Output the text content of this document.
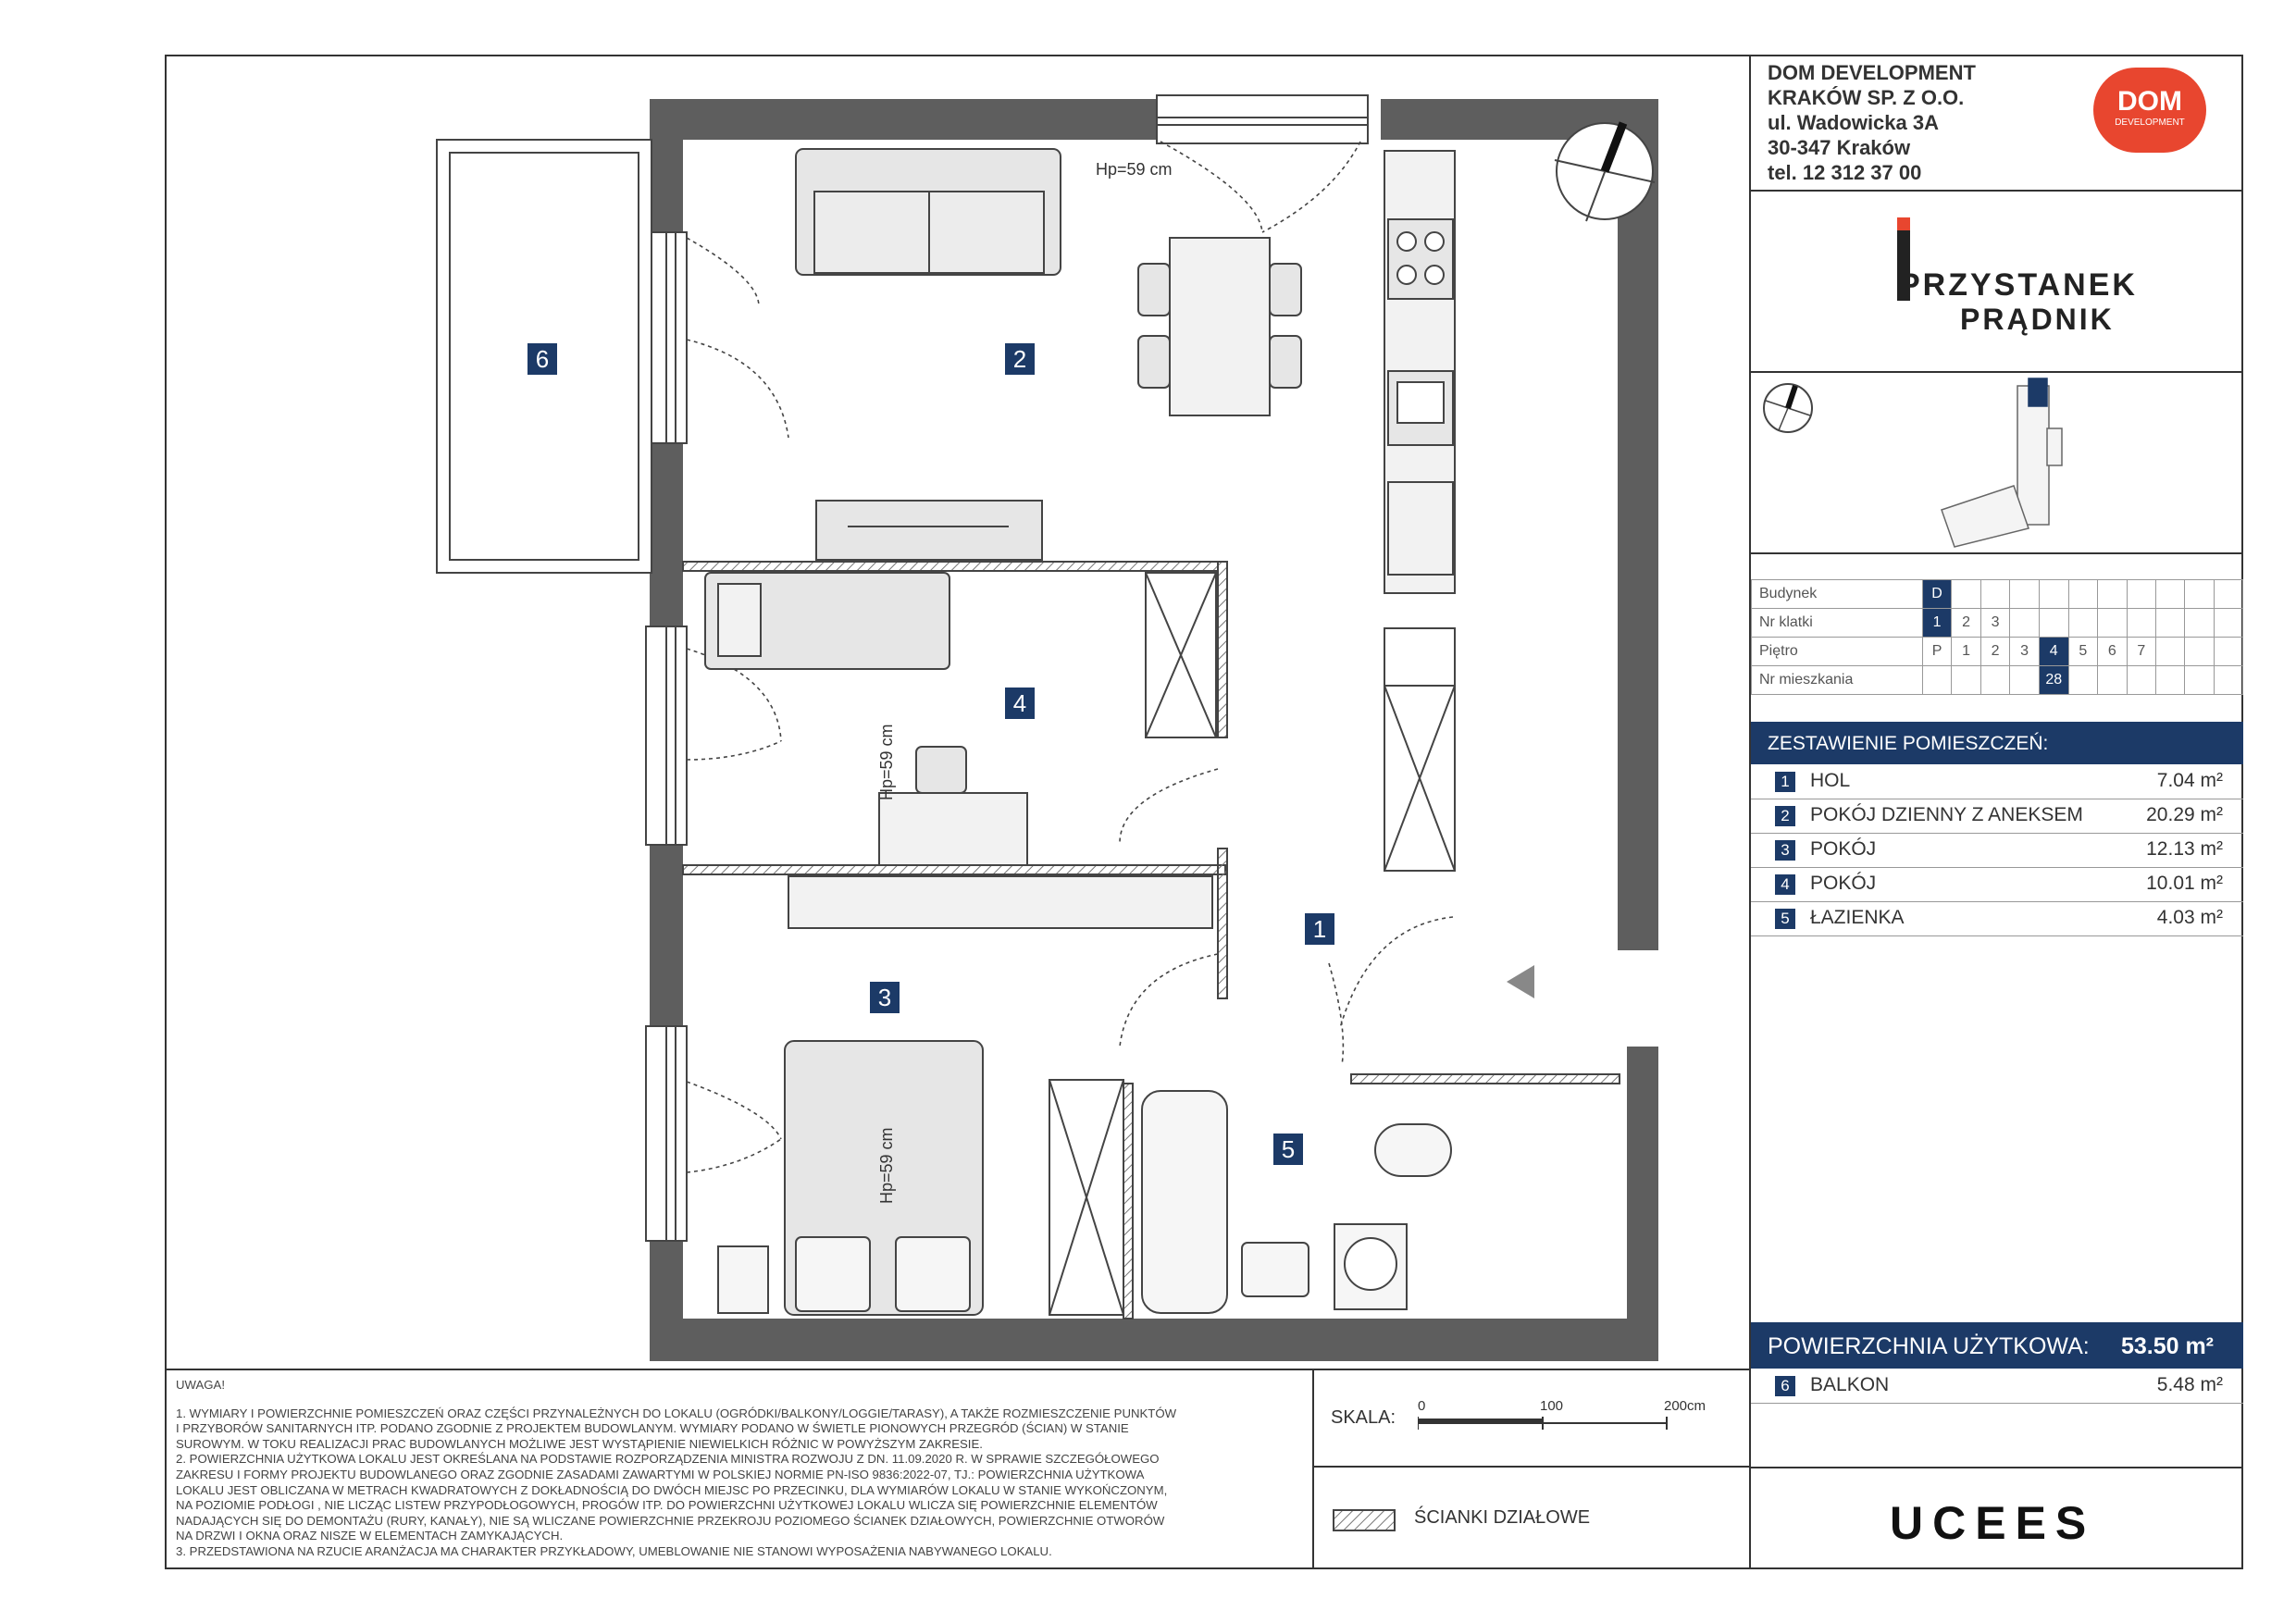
6	2
4
1
3
5
Hp=59 cm
Hp=59 cm
Hp=59 cm
DOM DEVELOPMENT
KRAKÓW SP. Z O.O.
ul. Wadowicka 3A
30-347 Kraków
tel. 12 312 37 00
DOM
DEVELOPMENT
PRZYSTANEK
PRĄDNIK
Budynek	D										
Nr klatki	1	2	3								
Piętro	P	1	2	3	4	5	6	7			
Nr mieszkania					28						
ZESTAWIENIE POMIESZCZEŃ:
1 HOL	7.04 m²
2 POKÓJ DZIENNY Z ANEKSEM	20.29 m²
3 POKÓJ	12.13 m²
4 POKÓJ	10.01 m²
5 ŁAZIENKA	4.03 m²
POWIERZCHNIA UŻYTKOWA: 53.50 m²
6 BALKON	5.48 m²
UCEES

UWAGA!

1. WYMIARY I POWIERZCHNIE POMIESZCZEŃ ORAZ CZĘŚCI PRZYNALEŻNYCH DO LOKALU (OGRÓDKI/BALKONY/LOGGIE/TARASY), A TAKŻE ROZMIESZCZENIE PUNKTÓW

I PRZYBORÓW SANITARNYCH ITP. PODANO ZGODNIE Z PROJEKTEM BUDOWLANYM. WYMIARY PODANO W ŚWIETLE PIONOWYCH PRZEGRÓD (ŚCIAN) W STANIE

SUROWYM. W TOKU REALIZACJI PRAC BUDOWLANYCH MOŻLIWE JEST WYSTĄPIENIE NIEWIELKICH RÓŻNIC W POWYŻSZYM ZAKRESIE.

2. POWIERZCHNIA UŻYTKOWA LOKALU JEST OKREŚLANA NA PODSTAWIE ROZPORZĄDZENIA MINISTRA ROZWOJU Z DN. 11.09.2020 R. W SPRAWIE SZCZEGÓŁOWEGO

ZAKRESU I FORMY PROJEKTU BUDOWLANEGO ORAZ ZGODNIE ZASADAMI ZAWARTYMI W POLSKIEJ NORMIE PN-ISO 9836:2022-07, TJ.: POWIERZCHNIA UŻYTKOWA

LOKALU JEST OBLICZANA W METRACH KWADRATOWYCH Z DOKŁADNOŚCIĄ DO DWÓCH MIEJSC PO PRZECINKU, DLA WYMIARÓW LOKALU W STANIE WYKOŃCZONYM,

NA POZIOMIE PODŁOGI , NIE LICZĄC LISTEW PRZYPODŁOGOWYCH, PROGÓW ITP. DO POWIERZCHNI UŻYTKOWEJ LOKALU WLICZA SIĘ POWIERZCHNIE ELEMENTÓW

NADAJĄCYCH SIĘ DO DEMONTAŻU (RURY, KANAŁY), NIE SĄ WLICZANE POWIERZCHNIE PRZEKROJU POZIOMEGO ŚCIANEK DZIAŁOWYCH, POWIERZCHNIE OTWORÓW

NA DRZWI I OKNA ORAZ NISZE W ELEMENTACH ZAMYKAJĄCYCH.

3. PRZEDSTAWIONA NA RZUCIE ARANŻACJA MA CHARAKTER PRZYKŁADOWY, UMEBLOWANIE NIE STANOWI WYPOSAŻENIA NABYWANEGO LOKALU.

SKALA:
0	100	200cm
ŚCIANKI DZIAŁOWE
